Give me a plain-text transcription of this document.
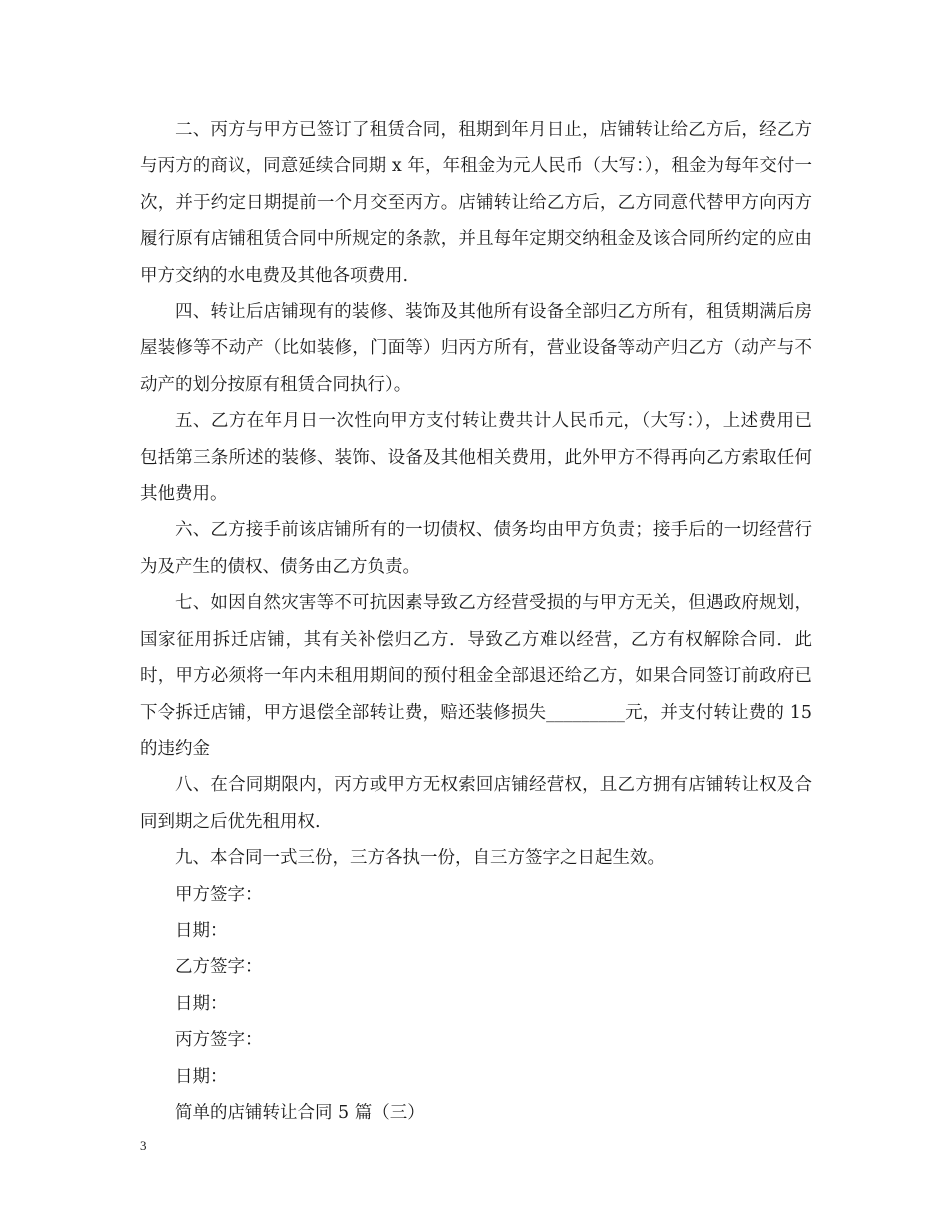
二、丙方与甲方已签订了租赁合同，租期到年月日止，店铺转让给乙方后，经乙方与丙方的商议，同意延续合同期 x 年，年租金为元人民币（大写：），租金为每年交付一次，并于约定日期提前一个月交至丙方。店铺转让给乙方后，乙方同意代替甲方向丙方履行原有店铺租赁合同中所规定的条款，并且每年定期交纳租金及该合同所约定的应由甲方交纳的水电费及其他各项费用.

四、转让后店铺现有的装修、装饰及其他所有设备全部归乙方所有，租赁期满后房屋装修等不动产（比如装修，门面等）归丙方所有，营业设备等动产归乙方（动产与不动产的划分按原有租赁合同执行）。

五、乙方在年月日一次性向甲方支付转让费共计人民币元，（大写：），上述费用已包括第三条所述的装修、装饰、设备及其他相关费用，此外甲方不得再向乙方索取任何其他费用。

六、乙方接手前该店铺所有的一切债权、债务均由甲方负责；接手后的一切经营行为及产生的债权、债务由乙方负责。

七、如因自然灾害等不可抗因素导致乙方经营受损的与甲方无关，但遇政府规划，国家征用拆迁店铺，其有关补偿归乙方．导致乙方难以经营，乙方有权解除合同．此时，甲方必须将一年内未租用期间的预付租金全部退还给乙方，如果合同签订前政府已下令拆迁店铺，甲方退偿全部转让费，赔还装修损失_________元，并支付转让费的 15 的违约金

八、在合同期限内，丙方或甲方无权索回店铺经营权，且乙方拥有店铺转让权及合同到期之后优先租用权.

九、本合同一式三份，三方各执一份，自三方签字之日起生效。

甲方签字：

日期：

乙方签字：

日期：

丙方签字：

日期：

简单的店铺转让合同 5 篇（三）

3
